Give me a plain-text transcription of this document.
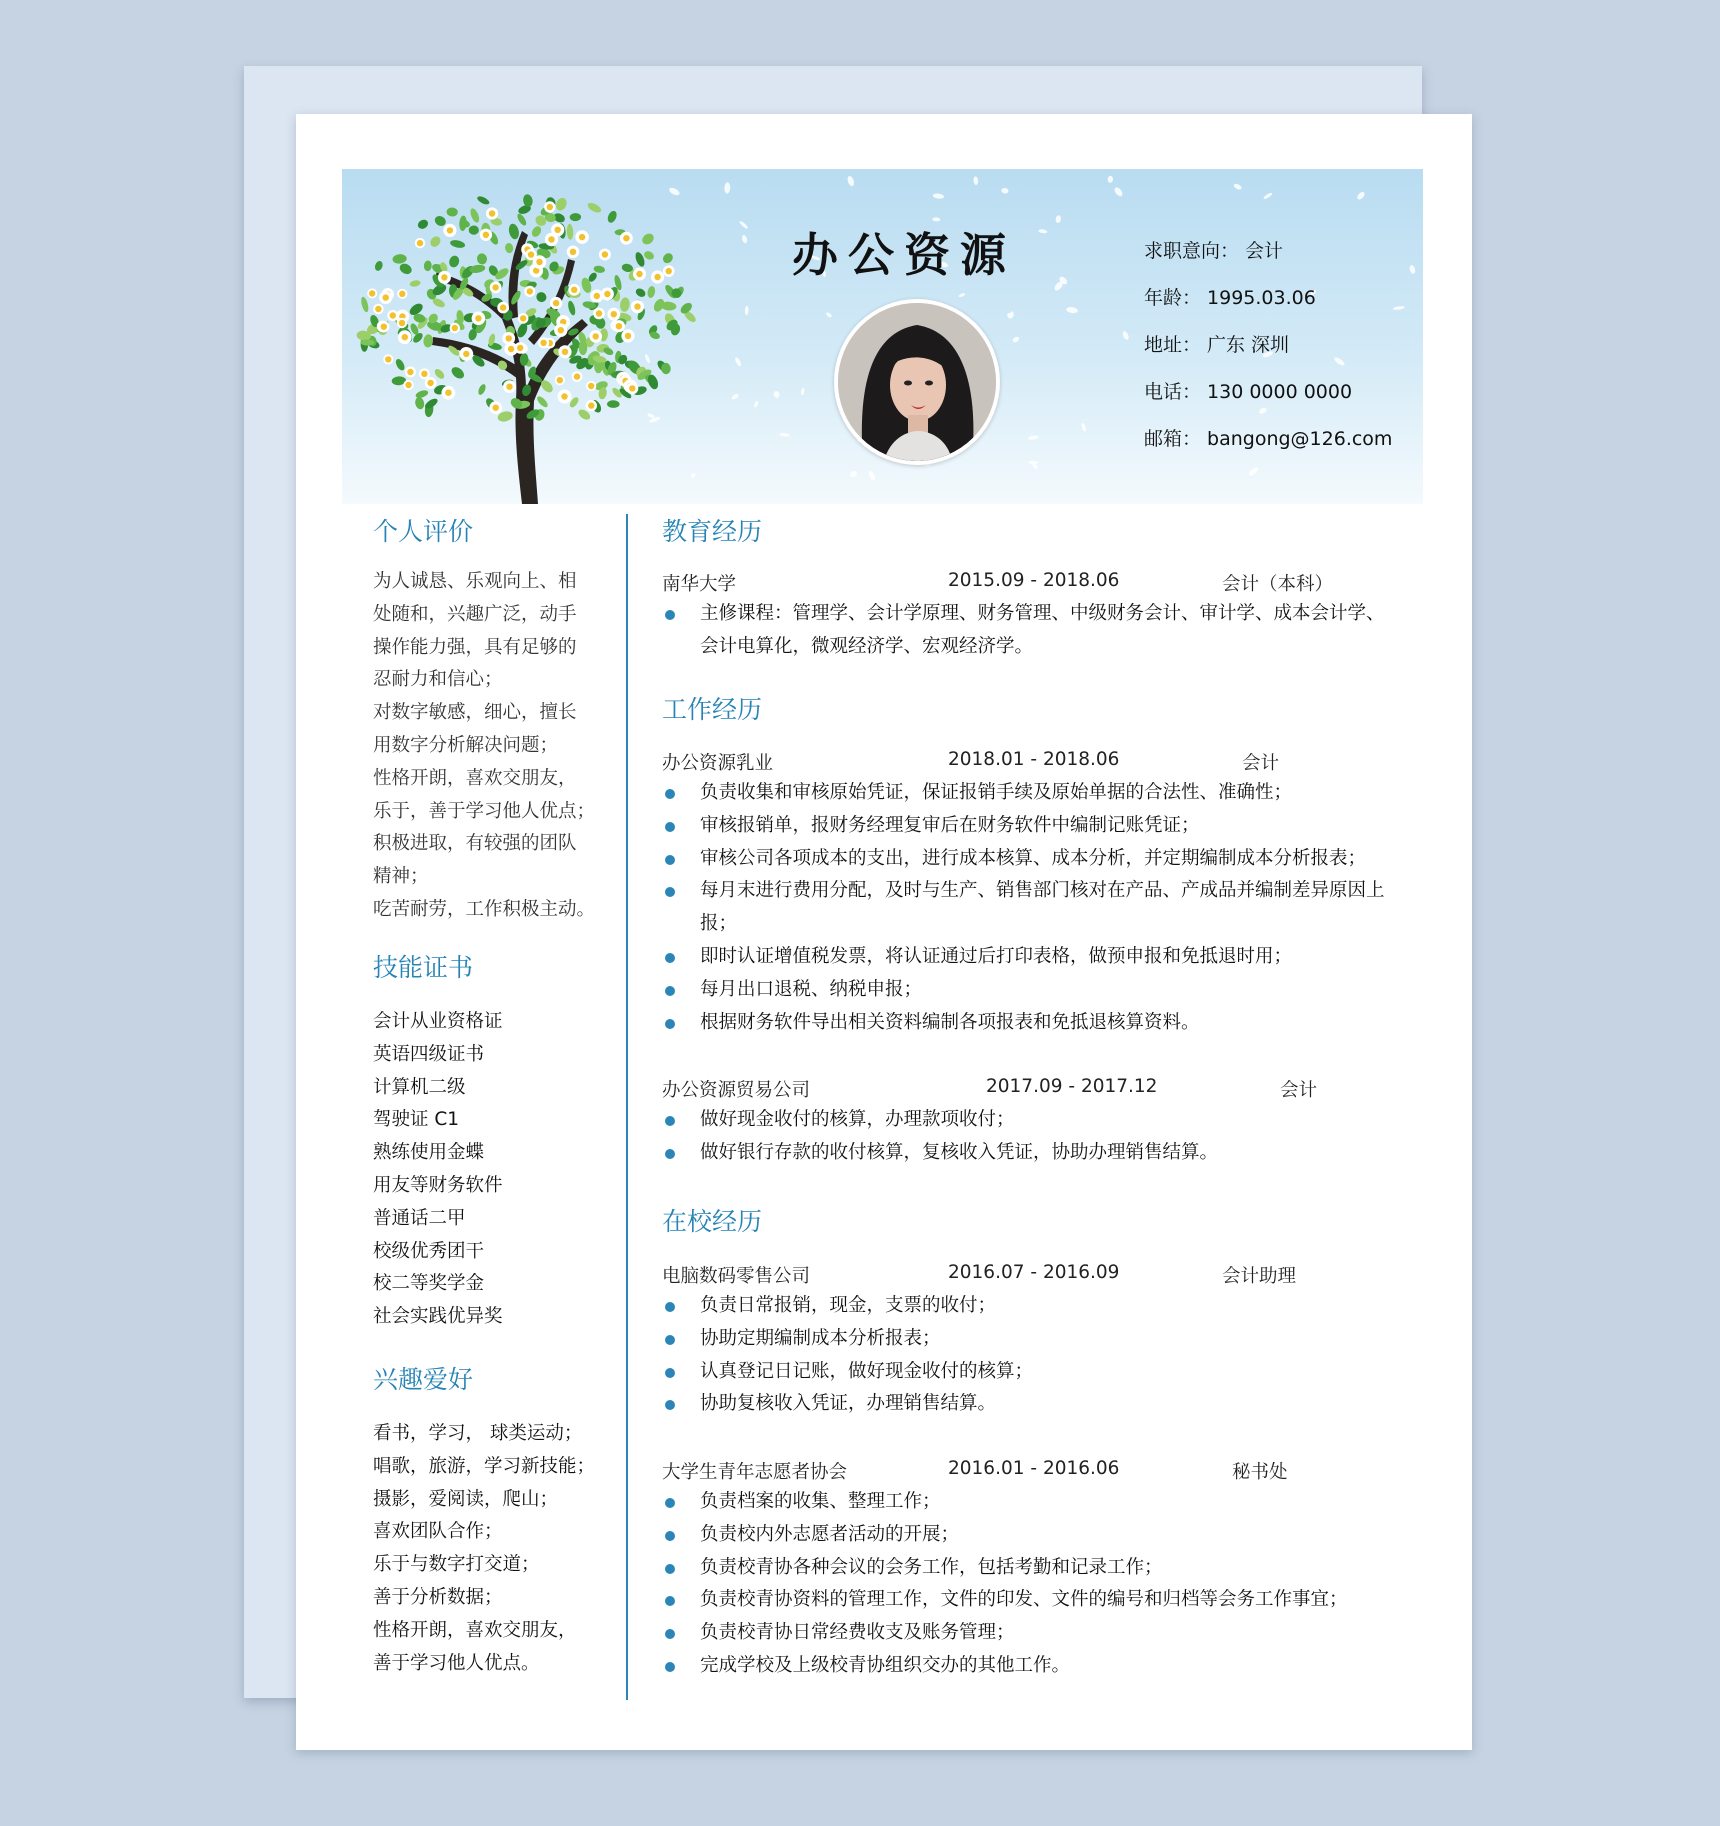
办公资源	求职意向： 会计
年龄： 1995.03.06
地址： 广东 深圳
电话： 130 0000 0000
邮箱： bangong@126.com
个人评价
为人诚恳、乐观向上、相
处随和，兴趣广泛，动手
操作能力强，具有足够的
忍耐力和信心；
对数字敏感，细心，擅长
用数字分析解决问题；
性格开朗，喜欢交朋友，
乐于，善于学习他人优点；
积极进取，有较强的团队
精神；
吃苦耐劳，工作积极主动。
技能证书
会计从业资格证
英语四级证书
计算机二级
驾驶证 C1
熟练使用金蝶
用友等财务软件
普通话二甲
校级优秀团干
校二等奖学金
社会实践优异奖
兴趣爱好
看书，学习， 球类运动；
唱歌，旅游，学习新技能；
摄影，爱阅读，爬山；
喜欢团队合作；
乐于与数字打交道；
善于分析数据；
性格开朗，喜欢交朋友，
善于学习他人优点。
教育经历
南华大学	2015.09 - 2018.06	会计（本科）
主修课程：管理学、会计学原理、财务管理、中级财务会计、审计学、成本会计学、会计电算化，微观经济学、宏观经济学。
工作经历
办公资源乳业	2018.01 - 2018.06	会计
负责收集和审核原始凭证，保证报销手续及原始单据的合法性、准确性；
审核报销单，报财务经理复审后在财务软件中编制记账凭证；
审核公司各项成本的支出，进行成本核算、成本分析，并定期编制成本分析报表；
每月末进行费用分配，及时与生产、销售部门核对在产品、产成品并编制差异原因上报；
即时认证增值税发票，将认证通过后打印表格，做预申报和免抵退时用；
每月出口退税、纳税申报；
根据财务软件导出相关资料编制各项报表和免抵退核算资料。
办公资源贸易公司	2017.09 - 2017.12	会计
做好现金收付的核算，办理款项收付；
做好银行存款的收付核算，复核收入凭证，协助办理销售结算。
在校经历
电脑数码零售公司	2016.07 - 2016.09	会计助理
负责日常报销，现金，支票的收付；
协助定期编制成本分析报表；
认真登记日记账，做好现金收付的核算；
协助复核收入凭证，办理销售结算。
大学生青年志愿者协会	2016.01 - 2016.06	秘书处
负责档案的收集、整理工作；
负责校内外志愿者活动的开展；
负责校青协各种会议的会务工作，包括考勤和记录工作；
负责校青协资料的管理工作，文件的印发、文件的编号和归档等会务工作事宜；
负责校青协日常经费收支及账务管理；
完成学校及上级校青协组织交办的其他工作。
